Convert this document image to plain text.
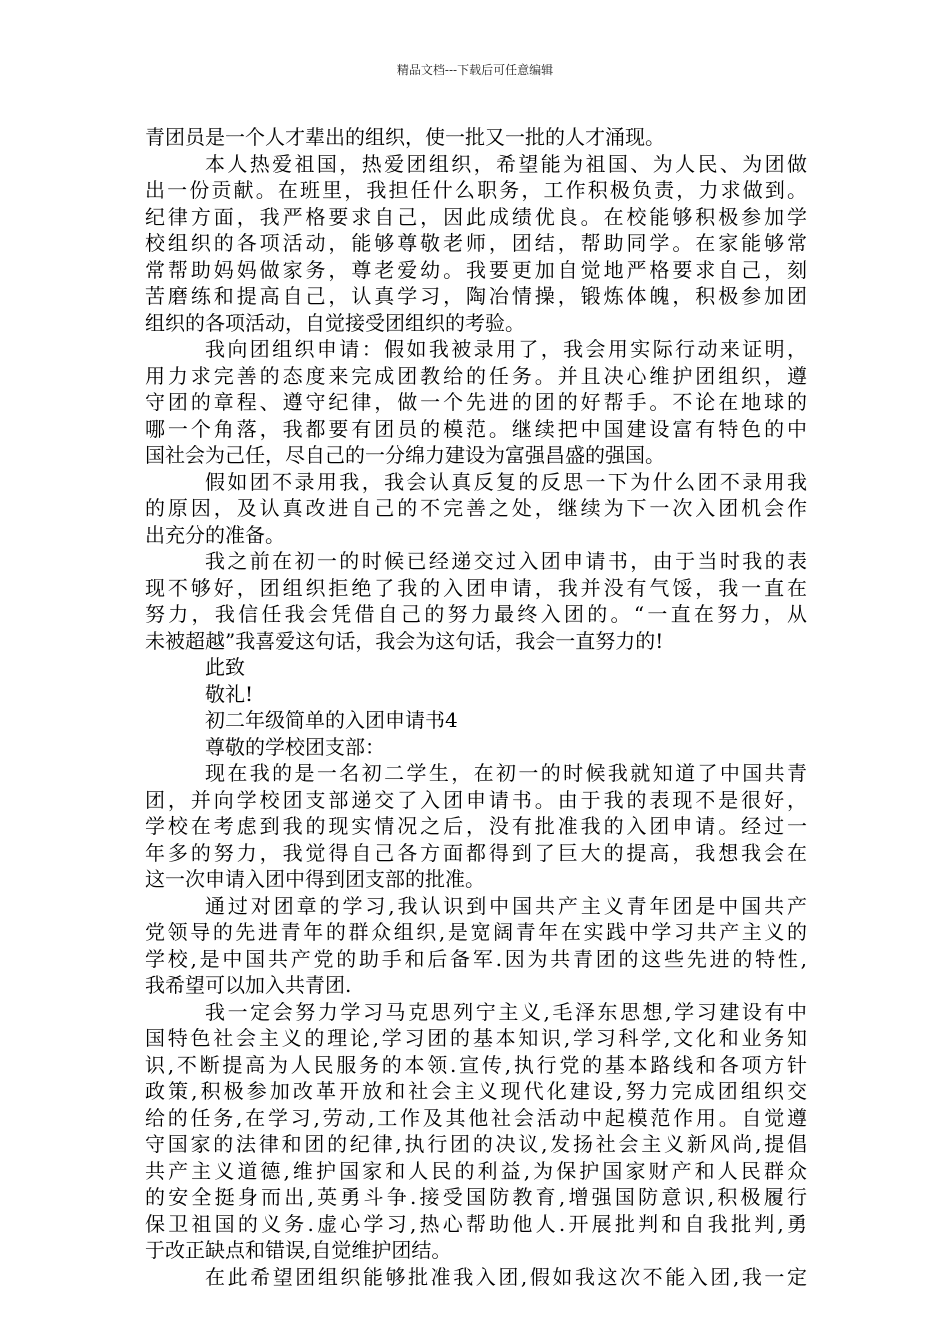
精品文档---下载后可任意编辑
青团员是一个人才辈出的组织，使一批又一批的人才涌现。
本人热爱祖国，热爱团组织，希望能为祖国、为人民、为团做
出一份贡献。在班里，我担任什么职务，工作积极负责，力求做到。
纪律方面，我严格要求自己，因此成绩优良。在校能够积极参加学
校组织的各项活动，能够尊敬老师，团结，帮助同学。在家能够常
常帮助妈妈做家务，尊老爱幼。我要更加自觉地严格要求自己，刻
苦磨练和提高自己，认真学习，陶冶情操，锻炼体魄，积极参加团
组织的各项活动，自觉接受团组织的考验。
我向团组织申请：假如我被录用了，我会用实际行动来证明，
用力求完善的态度来完成团教给的任务。并且决心维护团组织，遵
守团的章程、遵守纪律，做一个先进的团的好帮手。不论在地球的
哪一个角落，我都要有团员的模范。继续把中国建设富有特色的中
国社会为己任，尽自己的一分绵力建设为富强昌盛的强国。
假如团不录用我，我会认真反复的反思一下为什么团不录用我
的原因，及认真改进自己的不完善之处，继续为下一次入团机会作
出充分的准备。
我之前在初一的时候已经递交过入团申请书，由于当时我的表
现不够好，团组织拒绝了我的入团申请，我并没有气馁，我一直在
努力，我信任我会凭借自己的努力最终入团的。“一直在努力，从
未被超越”我喜爱这句话，我会为这句话，我会一直努力的!
此致
敬礼!
初二年级简单的入团申请书4
尊敬的学校团支部：
现在我的是一名初二学生，在初一的时候我就知道了中国共青
团，并向学校团支部递交了入团申请书。由于我的表现不是很好，
学校在考虑到我的现实情况之后，没有批准我的入团申请。经过一
年多的努力，我觉得自己各方面都得到了巨大的提高，我想我会在
这一次申请入团中得到团支部的批准。
通过对团章的学习,我认识到中国共产主义青年团是中国共产
党领导的先进青年的群众组织,是宽阔青年在实践中学习共产主义的
学校,是中国共产党的助手和后备军.因为共青团的这些先进的特性,
我希望可以加入共青团.
我一定会努力学习马克思列宁主义,毛泽东思想,学习建设有中
国特色社会主义的理论,学习团的基本知识,学习科学,文化和业务知
识,不断提高为人民服务的本领.宣传,执行党的基本路线和各项方针
政策,积极参加改革开放和社会主义现代化建设,努力完成团组织交
给的任务,在学习,劳动,工作及其他社会活动中起模范作用。自觉遵
守国家的法律和团的纪律,执行团的决议,发扬社会主义新风尚,提倡
共产主义道德,维护国家和人民的利益,为保护国家财产和人民群众
的安全挺身而出,英勇斗争.接受国防教育,增强国防意识,积极履行
保卫祖国的义务.虚心学习,热心帮助他人.开展批判和自我批判,勇
于改正缺点和错误,自觉维护团结。
在此希望团组织能够批准我入团,假如我这次不能入团,我一定
